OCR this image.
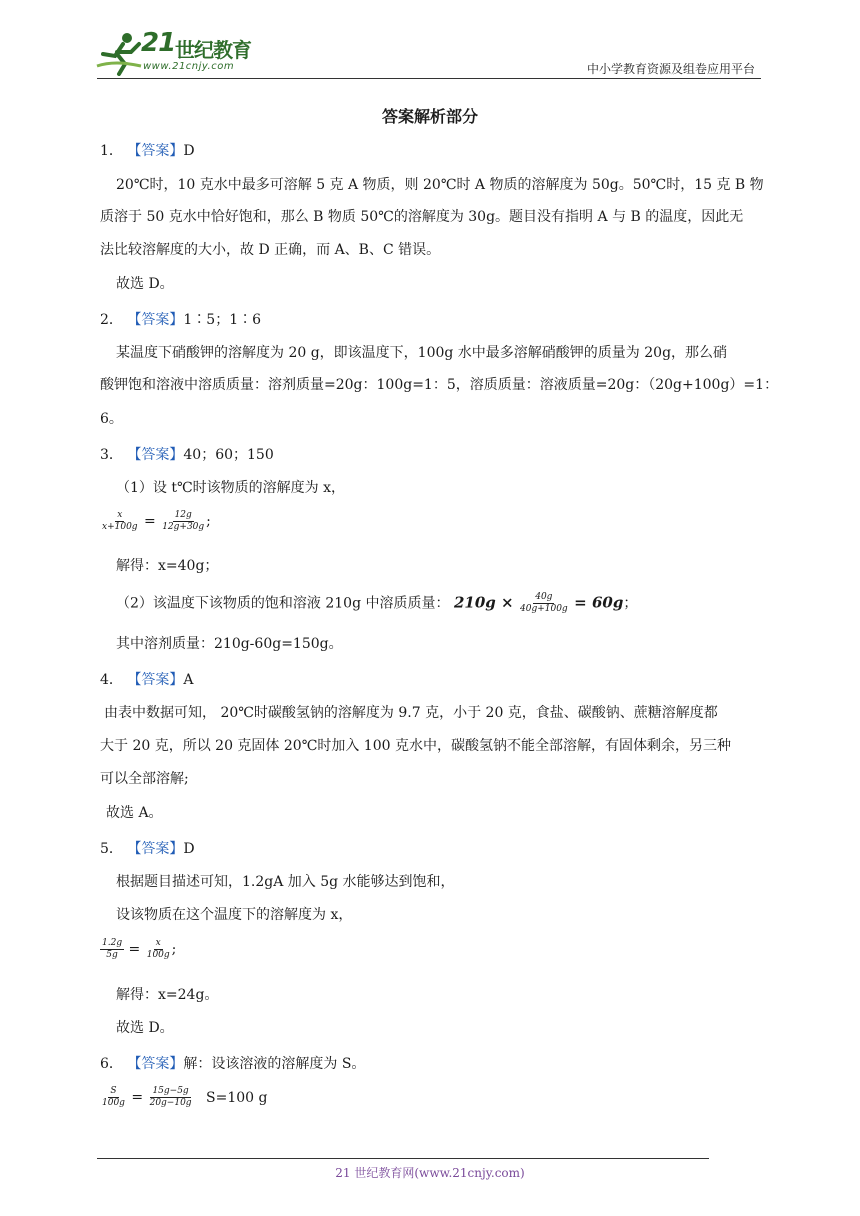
21 世纪教育
www.21cnjy.com	中小学教育资源及组卷应用平台
答案解析部分
1． 【答案】D
20℃时，10 克水中最多可溶解 5 克 A 物质，则 20℃时 A 物质的溶解度为 50g。50℃时，15 克 B 物
质溶于 50 克水中恰好饱和，那么 B 物质 50℃的溶解度为 30g。题目没有指明 A 与 B 的温度，因此无
法比较溶解度的大小，故 D 正确，而 A、B、C 错误。
故选 D。
2． 【答案】1∶5；1∶6
某温度下硝酸钾的溶解度为 20 g，即该温度下，100g 水中最多溶解硝酸钾的质量为 20g，那么硝
酸钾饱和溶液中溶质质量：溶剂质量=20g：100g=1：5，溶质质量：溶液质量=20g：（20g+100g）=1：
6。
3． 【答案】40；60；150
（1）设 t℃时该物质的溶解度为 x，
$\frac{x}{x+100g} = \frac{12g}{12g+30g}$ ;
解得：x=40g；
（2）该温度下该物质的饱和溶液 210g 中溶质质量： $210g \times \frac{40g}{40g+100g} = 60g$；
其中溶剂质量：210g-60g=150g。
4． 【答案】A
由表中数据可知， 20℃时碳酸氢钠的溶解度为 9.7 克，小于 20 克，食盐、碳酸钠、蔗糖溶解度都
大于 20 克，所以 20 克固体 20℃时加入 100 克水中，碳酸氢钠不能全部溶解，有固体剩余，另三种
可以全部溶解;
故选 A。
5． 【答案】D
根据题目描述可知，1.2gA 加入 5g 水能够达到饱和，
设该物质在这个温度下的溶解度为 x，
$\frac{1.2g}{5g} = \frac{x}{100g}$ ;
解得：x=24g。
故选 D。
6． 【答案】解：设该溶液的溶解度为 S。
$\frac{S}{100g} = \frac{15g-5g}{20g-10g} S=100$ g
21 世纪教育网(www.21cnjy.com)
